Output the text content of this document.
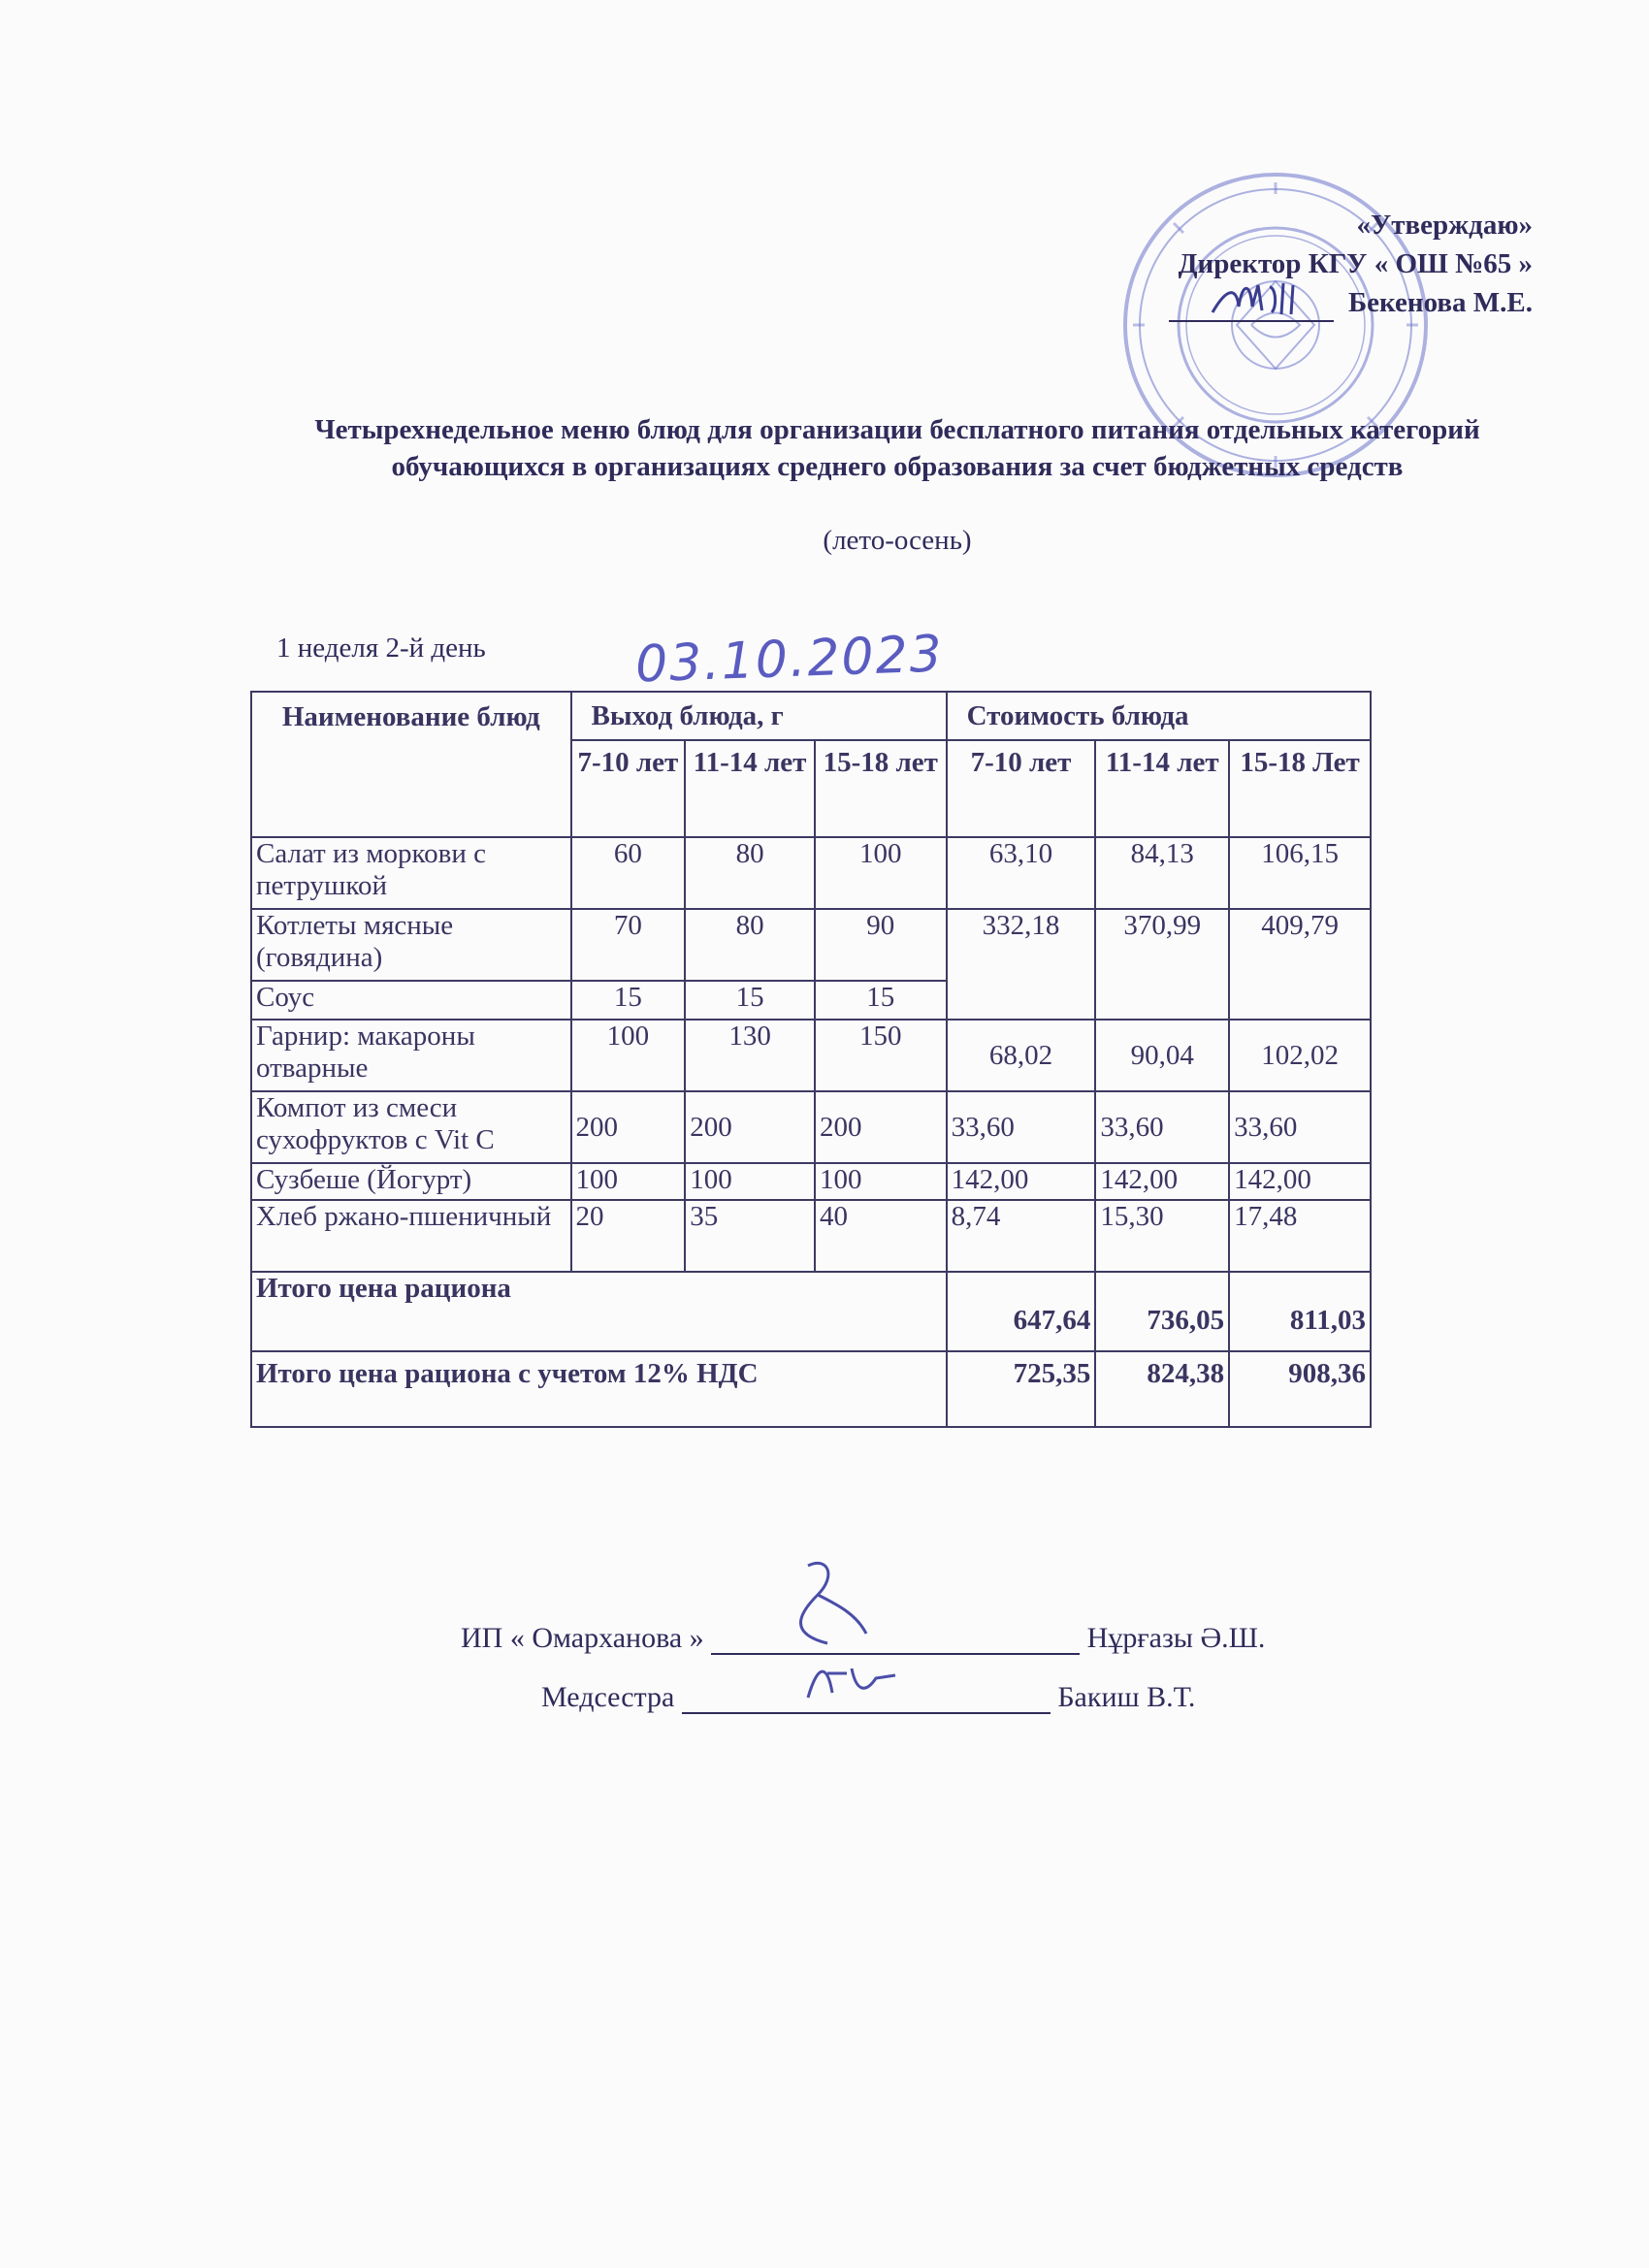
«Утверждаю»
Директор КГУ « ОШ №65 »
Бекенова М.Е.
Четырехнедельное меню блюд для организации бесплатного питания отдельных категорий обучающихся в организациях среднего образования за счет бюджетных средств
(лето-осень)
1 неделя 2-й день	03.10.2023
Наименование блюд	Выход блюда, г			Стоимость блюда		
	7-10 лет	11-14 лет	15-18 лет	7-10 лет	11-14 лет	15-18 Лет
Салат из моркови с петрушкой	60	80	100	63,10	84,13	106,15
Котлеты мясные (говядина)	70	80	90	332,18	370,99	409,79
Соус	15	15	15			
Гарнир: макароны отварные	100	130	150	68,02	90,04	102,02
Компот из смеси сухофруктов с Vit C	200	200	200	33,60	33,60	33,60
Сузбеше (Йогурт)	100	100	100	142,00	142,00	142,00
Хлеб ржано-пшеничный	20	35	40	8,74	15,30	17,48
Итого цена рациона				647,64	736,05	811,03
Итого цена рациона с учетом 12% НДС				725,35	824,38	908,36
ИП « Омарханова »	Нұрғазы Ә.Ш.
Медсестра	Бакиш В.Т.
